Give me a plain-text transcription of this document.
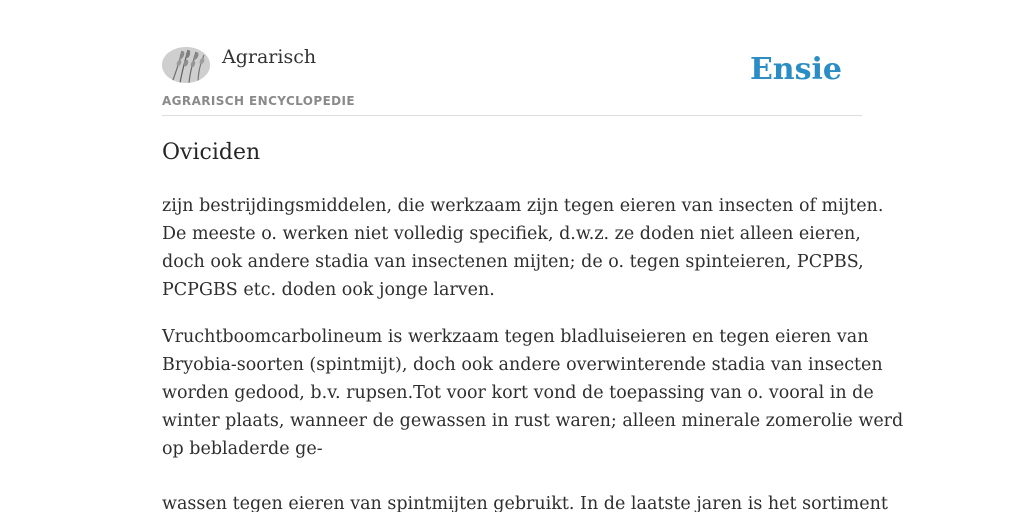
Agrarisch
AGRARISCH ENCYCLOPEDIE
Ensie
Oviciden

zijn bestrijdingsmiddelen, die werkzaam zijn tegen eieren van insecten of mijten.
De meeste o. werken niet volledig specifiek, d.w.z. ze doden niet alleen eieren,
doch ook andere stadia van insectenen mijten; de o. tegen spinteieren, PCPBS,
PCPGBS etc. doden ook jonge larven.

Vruchtboomcarbolineum is werkzaam tegen bladluiseieren en tegen eieren van
Bryobia-soorten (spintmijt), doch ook andere overwinterende stadia van insecten
worden gedood, b.v. rupsen.Tot voor kort vond de toepassing van o. vooral in de
winter plaats, wanneer de gewassen in rust waren; alleen minerale zomerolie werd
op bebladerde ge-

wassen tegen eieren van spintmijten gebruikt. In de laatste jaren is het sortiment
